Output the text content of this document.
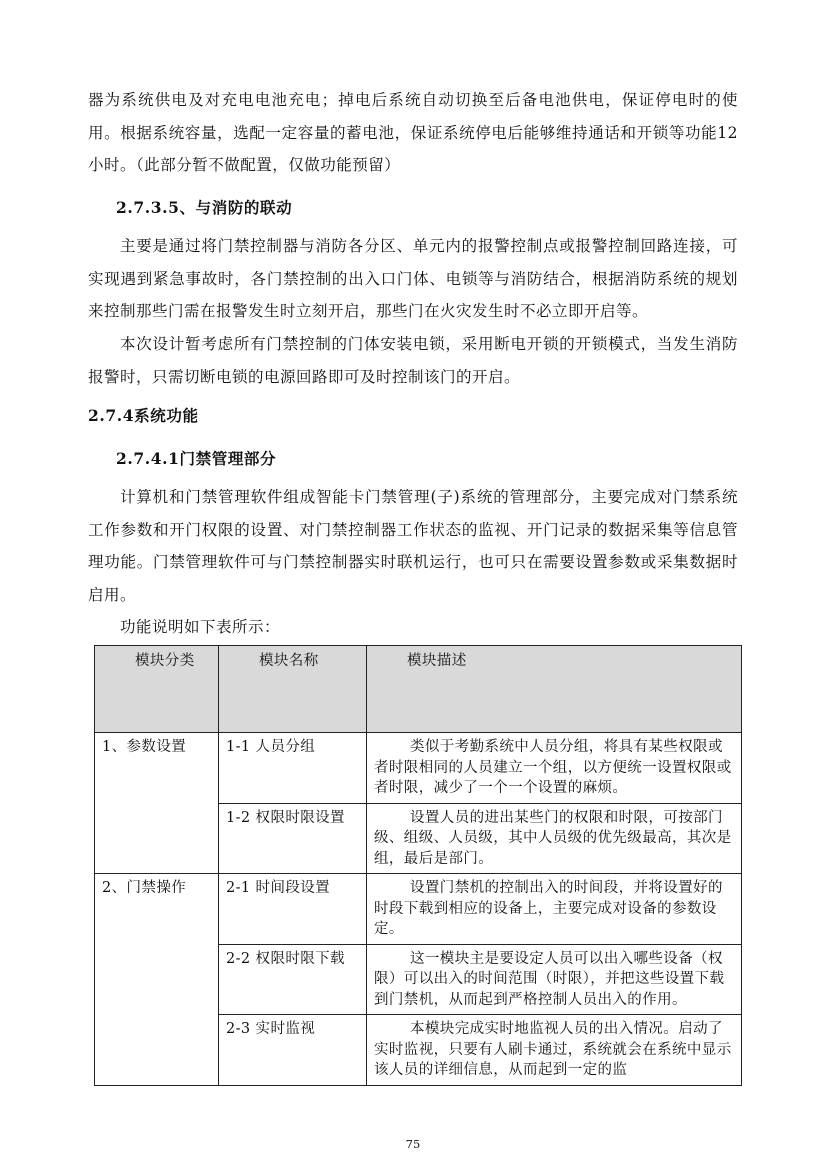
器为系统供电及对充电电池充电；掉电后系统自动切换至后备电池供电，保证停电时的使用。根据系统容量，选配一定容量的蓄电池，保证系统停电后能够维持通话和开锁等功能12小时。（此部分暂不做配置，仅做功能预留）

2.7.3.5、与消防的联动

主要是通过将门禁控制器与消防各分区、单元内的报警控制点或报警控制回路连接，可实现遇到紧急事故时，各门禁控制的出入口门体、电锁等与消防结合，根据消防系统的规划来控制那些门需在报警发生时立刻开启，那些门在火灾发生时不必立即开启等。

本次设计暂考虑所有门禁控制的门体安装电锁，采用断电开锁的开锁模式，当发生消防报警时，只需切断电锁的电源回路即可及时控制该门的开启。

2.7.4系统功能
2.7.4.1门禁管理部分

计算机和门禁管理软件组成智能卡门禁管理(子)系统的管理部分，主要完成对门禁系统工作参数和开门权限的设置、对门禁控制器工作状态的监视、开门记录的数据采集等信息管理功能。门禁管理软件可与门禁控制器实时联机运行，也可只在需要设置参数或采集数据时启用。

功能说明如下表所示：

模块分类	模块名称	模块描述
1、参数设置	1-1 人员分组	类似于考勤系统中人员分组，将具有某些权限或者时限相同的人员建立一个组，以方便统一设置权限或者时限，减少了一个一个设置的麻烦。
	1-2 权限时限设置	设置人员的进出某些门的权限和时限，可按部门级、组级、人员级，其中人员级的优先级最高，其次是组，最后是部门。
2、门禁操作	2-1 时间段设置	设置门禁机的控制出入的时间段，并将设置好的时段下载到相应的设备上，主要完成对设备的参数设定。
	2-2 权限时限下载	这一模块主是要设定人员可以出入哪些设备（权限）可以出入的时间范围（时限），并把这些设置下载到门禁机，从而起到严格控制人员出入的作用。
	2-3 实时监视	本模块完成实时地监视人员的出入情况。启动了实时监视，只要有人刷卡通过，系统就会在系统中显示该人员的详细信息，从而起到一定的监
75
